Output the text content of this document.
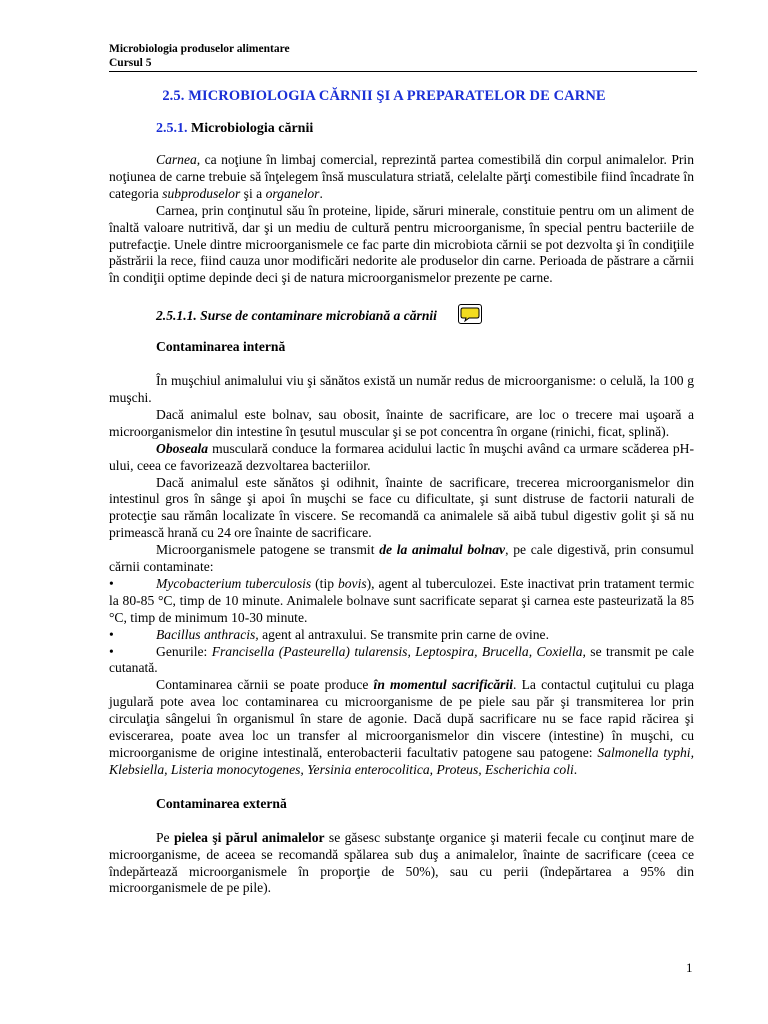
Microbiologia produselor alimentare
Cursul 5
2.5. MICROBIOLOGIA CĂRNII ŞI A PREPARATELOR DE CARNE
2.5.1. Microbiologia cărnii

Carnea, ca noţiune în limbaj comercial, reprezintă partea comestibilă din corpul animalelor. Prin noţiunea de carne trebuie să înţelegem însă musculatura striată, celelalte părţi comestibile fiind încadrate în categoria subproduselor şi a organelor.

Carnea, prin conţinutul său în proteine, lipide, săruri minerale, constituie pentru om un aliment de înaltă valoare nutritivă, dar şi un mediu de cultură pentru microorganisme, în special pentru bacteriile de putrefacţie. Unele dintre microorganismele ce fac parte din microbiota cărnii se pot dezvolta şi în condiţiile păstrării la rece, fiind cauza unor modificări nedorite ale produselor din carne. Perioada de păstrare a cărnii în condiţii optime depinde deci şi de natura microorganismelor prezente pe carne.

2.5.1.1. Surse de contaminare microbiană a cărnii
Contaminarea internă

În muşchiul animalului viu şi sănătos există un număr redus de microorganisme: o celulă, la 100 g muşchi.

Dacă animalul este bolnav, sau obosit, înainte de sacrificare, are loc o trecere mai uşoară a microorganismelor din intestine în ţesutul muscular şi se pot concentra în organe (rinichi, ficat, splină).

Oboseala musculară conduce la formarea acidului lactic în muşchi având ca urmare scăderea pH-ului, ceea ce favorizează dezvoltarea bacteriilor.

Dacă animalul este sănătos şi odihnit, înainte de sacrificare, trecerea microorganismelor din intestinul gros în sânge şi apoi în muşchi se face cu dificultate, şi sunt distruse de factorii naturali de protecţie sau rămân localizate în viscere. Se recomandă ca animalele să aibă tubul digestiv golit şi să nu primească hrană cu 24 ore înainte de sacrificare.

Microorganismele patogene se transmit de la animalul bolnav, pe cale digestivă, prin consumul cărnii contaminate:

•	Mycobacterium tuberculosis (tip bovis), agent al tuberculozei. Este inactivat prin tratament termic la 80-85 °C, timp de 10 minute. Animalele bolnave sunt sacrificate separat şi carnea este pasteurizată la 85 °C, timp de minimum 10-30 minute.

•	Bacillus anthracis, agent al antraxului. Se transmite prin carne de ovine.

•	Genurile: Francisella (Pasteurella) tularensis, Leptospira, Brucella, Coxiella, se transmit pe cale cutanată.

Contaminarea cărnii se poate produce în momentul sacrificării. La contactul cuţitului cu plaga jugulară pote avea loc contaminarea cu microorganisme de pe piele sau păr şi transmiterea lor prin circulaţia sângelui în organismul în stare de agonie. Dacă după sacrificare nu se face rapid răcirea şi eviscerarea, poate avea loc un transfer al microorganismelor din viscere (intestine) în muşchi, cu microorganisme de origine intestinală, enterobacterii facultativ patogene sau patogene: Salmonella typhi, Klebsiella, Listeria monocytogenes, Yersinia enterocolitica, Proteus, Escherichia coli.

Contaminarea externă

Pe pielea şi părul animalelor se găsesc substanţe organice şi materii fecale cu conţinut mare de microorganisme, de aceea se recomandă spălarea sub duş a animalelor, înainte de sacrificare (ceea ce îndepărtează microorganismele în proporţie de 50%), sau cu perii (îndepărtarea a 95% din microorganismele de pe pile).

1
